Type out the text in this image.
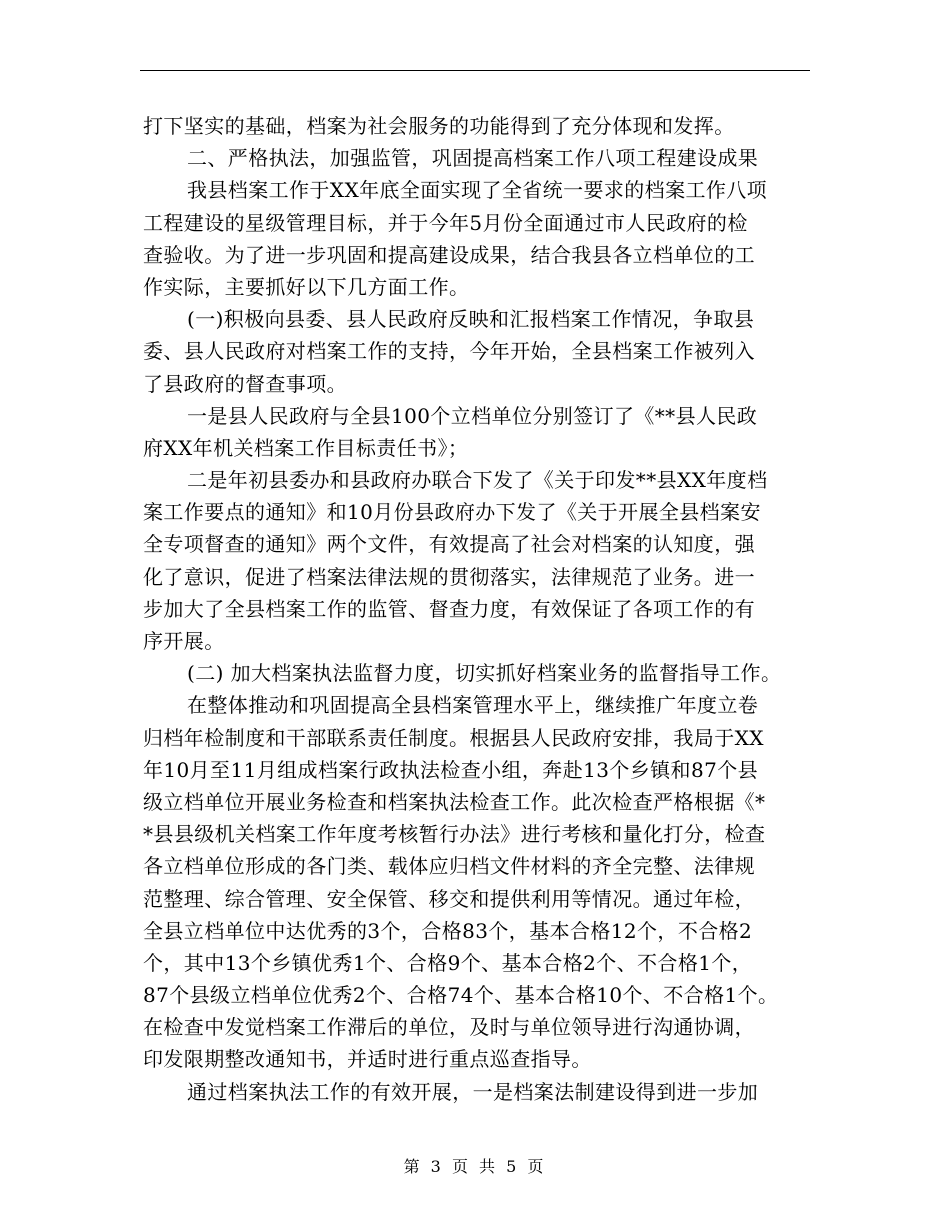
打下坚实的基础，档案为社会服务的功能得到了充分体现和发挥。
二、严格执法，加强监管，巩固提高档案工作八项工程建设成果
我县档案工作于XX年底全面实现了全省统一要求的档案工作八项
工程建设的星级管理目标，并于今年5月份全面通过市人民政府的检
查验收。为了进一步巩固和提高建设成果，结合我县各立档单位的工
作实际，主要抓好以下几方面工作。
(一)积极向县委、县人民政府反映和汇报档案工作情况，争取县
委、县人民政府对档案工作的支持，今年开始，全县档案工作被列入
了县政府的督查事项。
一是县人民政府与全县100个立档单位分别签订了《**县人民政
府XX年机关档案工作目标责任书》；
二是年初县委办和县政府办联合下发了《关于印发**县XX年度档
案工作要点的通知》和10月份县政府办下发了《关于开展全县档案安
全专项督查的通知》两个文件，有效提高了社会对档案的认知度，强
化了意识，促进了档案法律法规的贯彻落实，法律规范了业务。进一
步加大了全县档案工作的监管、督查力度，有效保证了各项工作的有
序开展。
(二) 加大档案执法监督力度，切实抓好档案业务的监督指导工作。
在整体推动和巩固提高全县档案管理水平上，继续推广年度立卷
归档年检制度和干部联系责任制度。根据县人民政府安排，我局于XX
年10月至11月组成档案行政执法检查小组，奔赴13个乡镇和87个县
级立档单位开展业务检查和档案执法检查工作。此次检查严格根据《*
*县县级机关档案工作年度考核暂行办法》进行考核和量化打分，检查
各立档单位形成的各门类、载体应归档文件材料的齐全完整、法律规
范整理、综合管理、安全保管、移交和提供利用等情况。通过年检，
全县立档单位中达优秀的3个，合格83个，基本合格12个，不合格2
个，其中13个乡镇优秀1个、合格9个、基本合格2个、不合格1个，
87个县级立档单位优秀2个、合格74个、基本合格10个、不合格1个。
在检查中发觉档案工作滞后的单位，及时与单位领导进行沟通协调，
印发限期整改通知书，并适时进行重点巡查指导。
通过档案执法工作的有效开展，一是档案法制建设得到进一步加
第 3 页 共 5 页
